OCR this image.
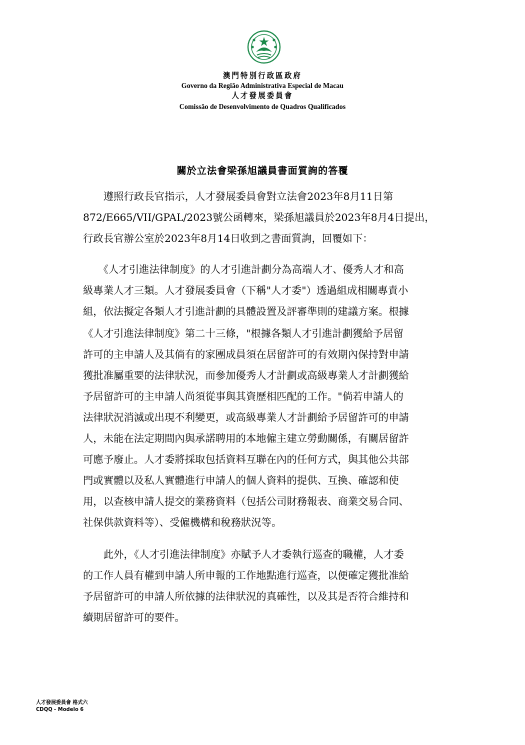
澳門特別行政區政府
Governo da Região Administrativa Especial de Macau
人才發展委員會
Comissão de Desenvolvimento de Quadros Qualificados
關於立法會梁孫旭議員書面質詢的答覆
　　遵照行政長官指示，人才發展委員會對立法會2023年8月11日第
872/E665/VII/GPAL/2023號公函轉來，梁孫旭議員於2023年8月4日提出，
行政長官辦公室於2023年8月14日收到之書面質詢，回覆如下：
　　《人才引進法律制度》的人才引進計劃分為高端人才、優秀人才和高
級專業人才三類。人才發展委員會（下稱"人才委"）透過組成相關專責小
組，依法擬定各類人才引進計劃的具體設置及評審準則的建議方案。根據
《人才引進法律制度》第二十三條，"根據各類人才引進計劃獲給予居留
許可的主申請人及其倘有的家團成員須在居留許可的有效期內保持對申請
獲批准屬重要的法律狀況，而參加優秀人才計劃或高級專業人才計劃獲給
予居留許可的主申請人尚須從事與其資歷相匹配的工作。"倘若申請人的
法律狀況消滅或出現不利變更，或高級專業人才計劃給予居留許可的申請
人，未能在法定期間內與承諾聘用的本地僱主建立勞動關係，有關居留許
可應予廢止。人才委將採取包括資料互聯在內的任何方式，與其他公共部
門或實體以及私人實體進行申請人的個人資料的提供、互換、確認和使
用，以查核申請人提交的業務資料（包括公司財務報表、商業交易合同、
社保供款資料等）、受僱機構和稅務狀況等。
　　此外，《人才引進法律制度》亦賦予人才委執行巡查的職權，人才委
的工作人員有權到申請人所申報的工作地點進行巡查，以便確定獲批准給
予居留許可的申請人所依據的法律狀況的真確性，以及其是否符合維持和
續期居留許可的要件。
人才發展委員會 格式六
CDQQ - Modelo 6
